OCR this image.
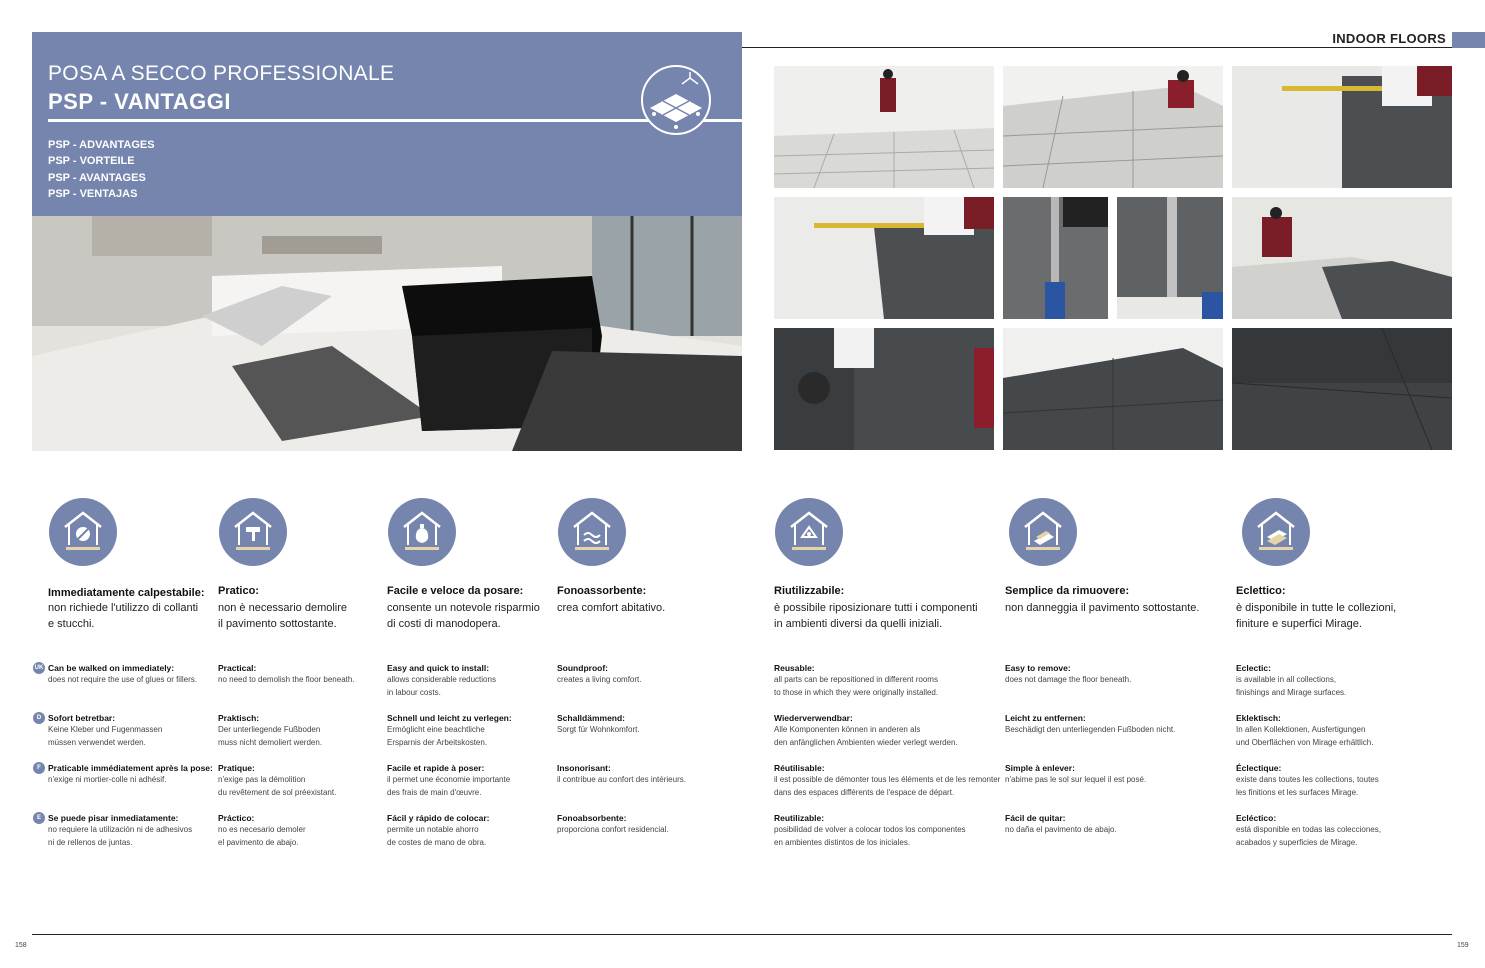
INDOOR FLOORS
POSA A SECCO PROFESSIONALE
PSP - VANTAGGI
PSP - ADVANTAGES
PSP - VORTEILE
PSP - AVANTAGES
PSP - VENTAJAS
Immediatamente calpestabile:
non richiede l'utilizzo di collanti
e stucchi.
Can be walked on immediately:
does not require the use of glues or fillers.
Sofort betretbar:
Keine Kleber und Fugenmassen
müssen verwendet werden.
Praticable immédiatement après la pose:
n'exige ni mortier-colle ni adhésif.
Se puede pisar inmediatamente:
no requiere la utilización ni de adhesivos
ni de rellenos de juntas.
Pratico:
non è necessario demolire
il pavimento sottostante.
Practical:
no need to demolish the floor beneath.
Praktisch:
Der unterliegende Fußboden
muss nicht demoliert werden.
Pratique:
n'exige pas la démolition
du revêtement de sol préexistant.
Práctico:
no es necesario demoler
el pavimento de abajo.
Facile e veloce da posare:
consente un notevole risparmio
di costi di manodopera.
Easy and quick to install:
allows considerable reductions
in labour costs.
Schnell und leicht zu verlegen:
Ermöglicht eine beachtliche
Ersparnis der Arbeitskosten.
Facile et rapide à poser:
il permet une économie importante
des frais de main d'œuvre.
Fácil y rápido de colocar:
permite un notable ahorro
de costes de mano de obra.
Fonoassorbente:
crea comfort abitativo.
Soundproof:
creates a living comfort.
Schalldämmend:
Sorgt für Wohnkomfort.
Insonorisant:
il contribue au confort des intérieurs.
Fonoabsorbente:
proporciona confort residencial.
Riutilizzabile:
è possibile riposizionare tutti i componenti
in ambienti diversi da quelli iniziali.
Reusable:
all parts can be repositioned in different rooms
to those in which they were originally installed.
Wiederverwendbar:
Alle Komponenten können in anderen als
den anfänglichen Ambienten wieder verlegt werden.
Réutilisable:
il est possible de démonter tous les éléments et de les remonter
dans des espaces différents de l'espace de départ.
Reutilizable:
posibilidad de volver a colocar todos los componentes
en ambientes distintos de los iniciales.
Semplice da rimuovere:
non danneggia il pavimento sottostante.
Easy to remove:
does not damage the floor beneath.
Leicht zu entfernen:
Beschädigt den unterliegenden Fußboden nicht.
Simple à enlever:
n'abime pas le sol sur lequel il est posé.
Fácil de quitar:
no daña el pavimento de abajo.
Eclettico:
è disponibile in tutte le collezioni,
finiture e superfici Mirage.
Eclectic:
is available in all collections,
finishings and Mirage surfaces.
Eklektisch:
In allen Kollektionen, Ausfertigungen
und Oberflächen von Mirage erhältlich.
Éclectique:
existe dans toutes les collections, toutes
les finitions et les surfaces Mirage.
Ecléctico:
está disponible en todas las colecciones,
acabados y superficies de Mirage.
UK
D
F
E
158	159
